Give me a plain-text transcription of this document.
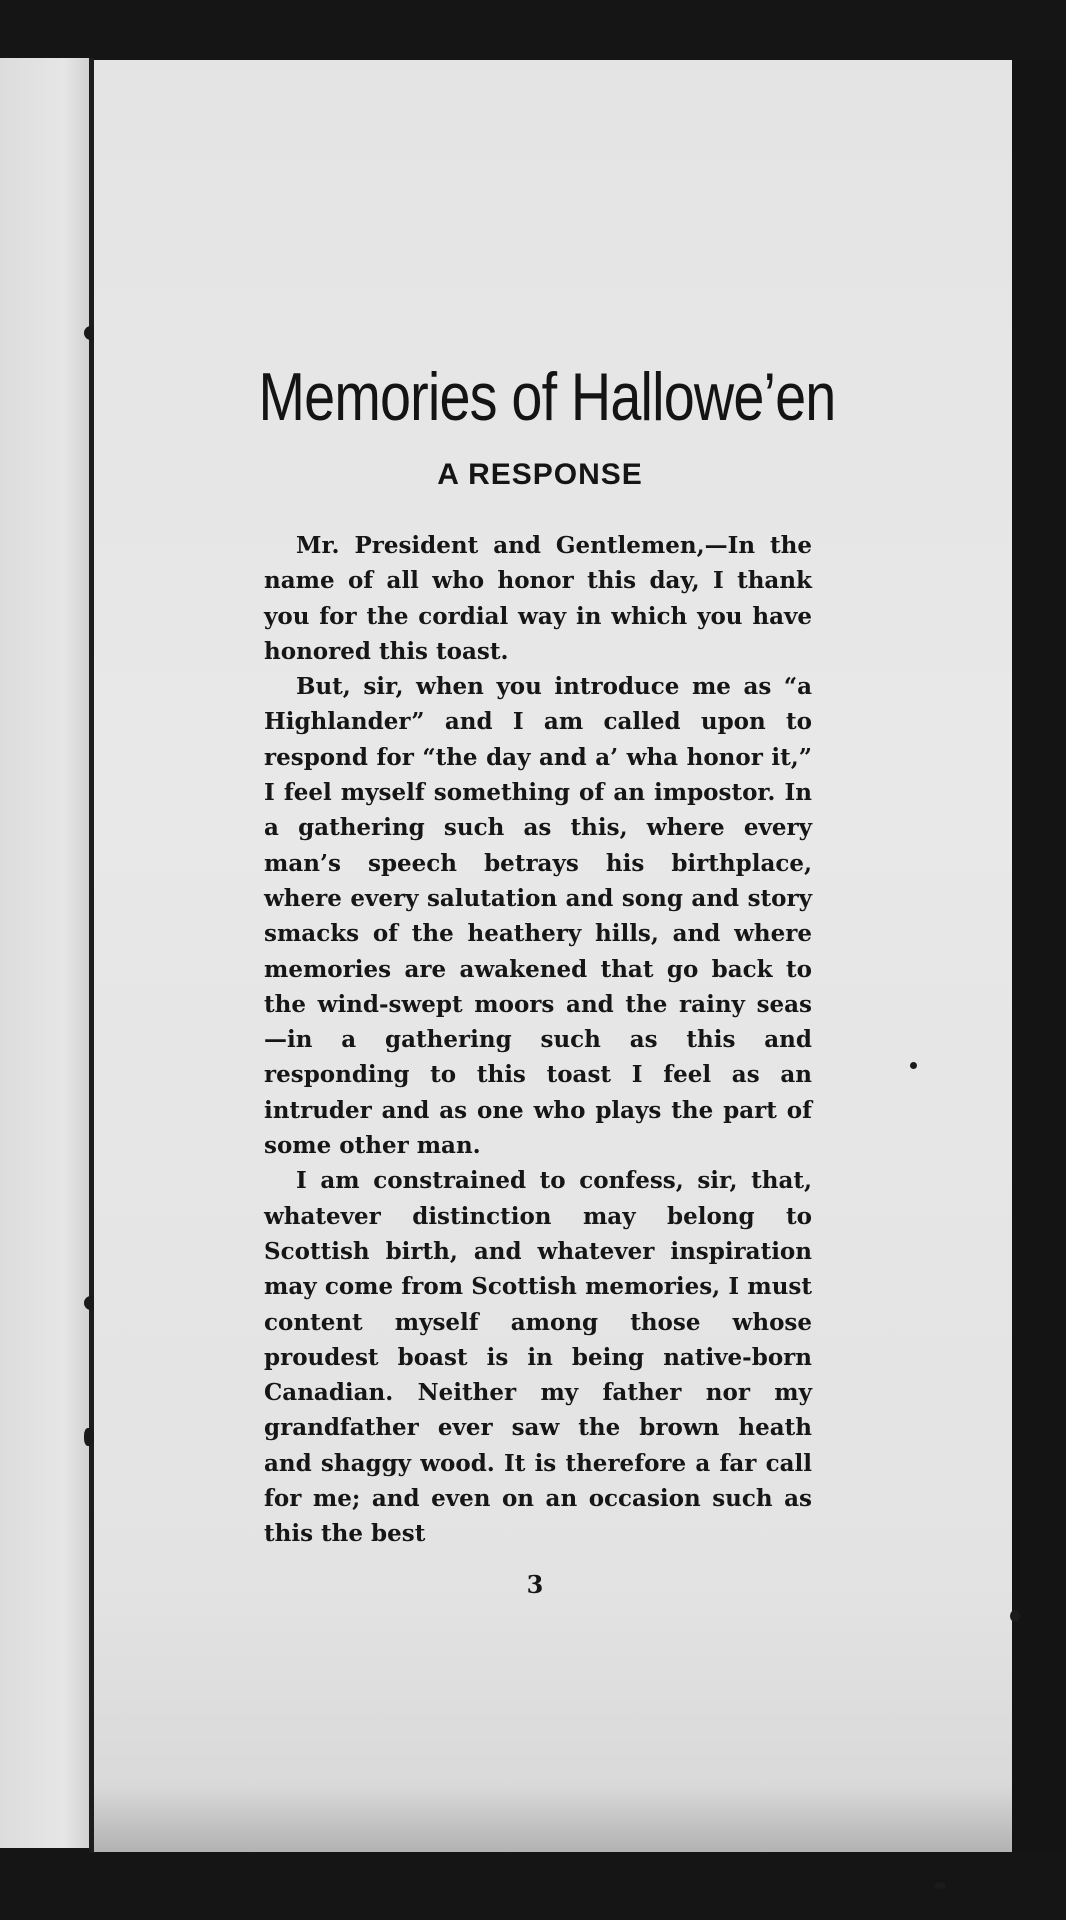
Memories of Hallowe’en
A RESPONSE

Mr. President and Gentlemen,—In the name of all who honor this day, I thank you for the cordial way in which you have honored this toast.

But, sir, when you introduce me as “a Highlander” and I am called upon to respond for “the day and a’ wha honor it,” I feel myself something of an impostor. In a gathering such as this, where every man’s speech betrays his birthplace, where every salutation and song and story smacks of the heathery hills, and where memories are awakened that go back to the wind-swept moors and the rainy seas—in a gathering such as this and responding to this toast I feel as an intruder and as one who plays the part of some other man.

I am constrained to confess, sir, that, whatever distinction may belong to Scottish birth, and whatever inspiration may come from Scottish memories, I must content myself among those whose proudest boast is in being native-born Canadian. Neither my father nor my grandfather ever saw the brown heath and shaggy wood. It is therefore a far call for me; and even on an occasion such as this the best

3
